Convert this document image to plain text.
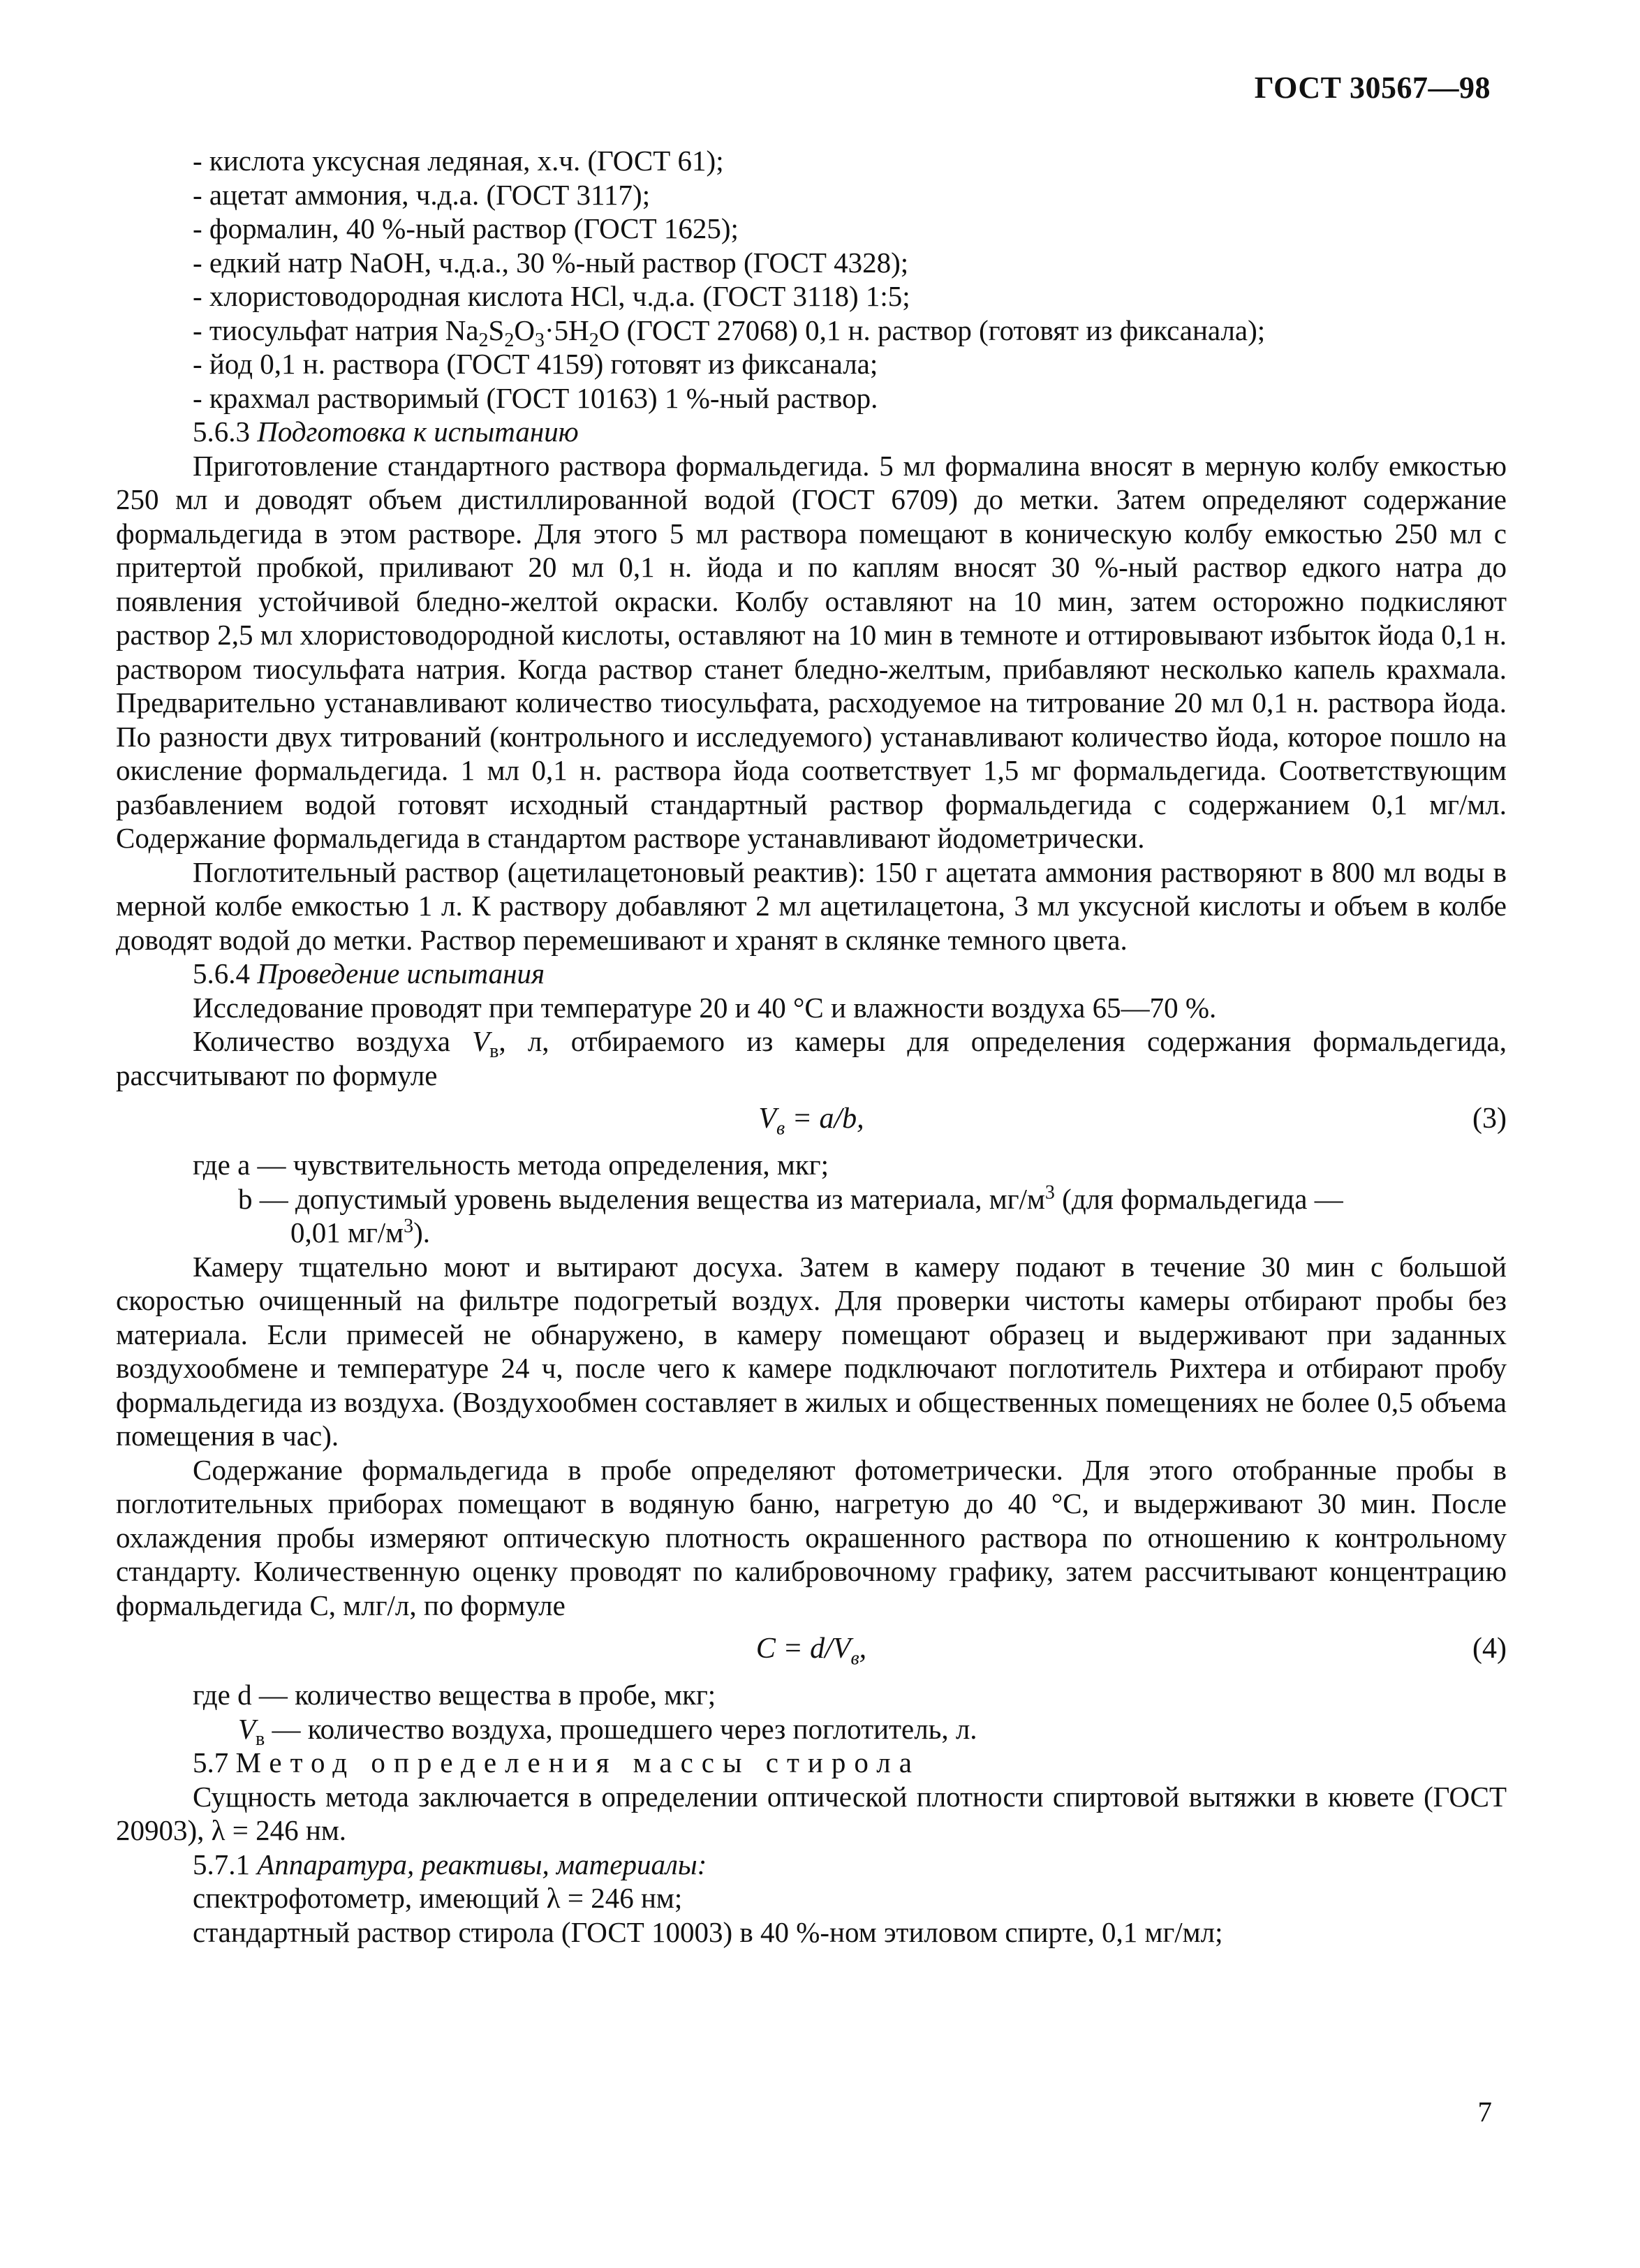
ГОСТ 30567—98
- кислота уксусная ледяная, х.ч. (ГОСТ 61);
- ацетат аммония, ч.д.а. (ГОСТ 3117);
- формалин, 40 %-ный раствор (ГОСТ 1625);
- едкий натр NaOH, ч.д.а., 30 %-ный раствор (ГОСТ 4328);
- хлористоводородная кислота HCl, ч.д.а. (ГОСТ 3118) 1:5;
- тиосульфат натрия $Na_2S_2O_3\cdot 5H_2O$ (ГОСТ 27068) 0,1 н. раствор (готовят из фиксанала);
- йод 0,1 н. раствора (ГОСТ 4159) готовят из фиксанала;
- крахмал растворимый (ГОСТ 10163) 1 %-ный раствор.
5.6.3 Подготовка к испытанию
Приготовление стандартного раствора формальдегида. 5 мл формалина вносят в мерную колбу емкостью 250 мл и доводят объем дистиллированной водой (ГОСТ 6709) до метки. Затем определяют содержание формальдегида в этом растворе. Для этого 5 мл раствора помещают в коническую колбу емкостью 250 мл с притертой пробкой, приливают 20 мл 0,1 н. йода и по каплям вносят 30 %-ный раствор едкого натра до появления устойчивой бледно-желтой окраски. Колбу оставляют на 10 мин, затем осторожно подкисляют раствор 2,5 мл хлористоводородной кислоты, оставляют на 10 мин в темноте и оттировывают избыток йода 0,1 н. раствором тиосульфата натрия. Когда раствор станет бледно-желтым, прибавляют несколько капель крахмала. Предварительно устанавливают количество тиосульфата, расходуемое на титрование 20 мл 0,1 н. раствора йода. По разности двух титрований (контрольного и исследуемого) устанавливают количество йода, которое пошло на окисление формальдегида. 1 мл 0,1 н. раствора йода соответствует 1,5 мг формальдегида. Соответствующим разбавлением водой готовят исходный стандартный раствор формальдегида с содержанием 0,1 мг/мл. Содержание формальдегида в стандартом растворе устанавливают йодометрически.
Поглотительный раствор (ацетилацетоновый реактив): 150 г ацетата аммония растворяют в 800 мл воды в мерной колбе емкостью 1 л. К раствору добавляют 2 мл ацетилацетона, 3 мл уксусной кислоты и объем в колбе доводят водой до метки. Раствор перемешивают и хранят в склянке темного цвета.
5.6.4 Проведение испытания
Исследование проводят при температуре 20 и 40 °С и влажности воздуха 65—70 %.
Количество воздуха $V_в$, л, отбираемого из камеры для определения содержания формальдегида, рассчитывают по формуле
$V_в = a/b$,	(3)
где a — чувствительность метода определения, мкг;
b — допустимый уровень выделения вещества из материала, $мг/м^3$ (для формальдегида —
0,01 $мг/м^3$).
Камеру тщательно моют и вытирают досуха. Затем в камеру подают в течение 30 мин с большой скоростью очищенный на фильтре подогретый воздух. Для проверки чистоты камеры отбирают пробы без материала. Если примесей не обнаружено, в камеру помещают образец и выдерживают при заданных воздухообмене и температуре 24 ч, после чего к камере подключают поглотитель Рихтера и отбирают пробу формальдегида из воздуха. (Воздухообмен составляет в жилых и общественных помещениях не более 0,5 объема помещения в час).
Содержание формальдегида в пробе определяют фотометрически. Для этого отобранные пробы в поглотительных приборах помещают в водяную баню, нагретую до 40 °С, и выдерживают 30 мин. После охлаждения пробы измеряют оптическую плотность окрашенного раствора по отношению к контрольному стандарту. Количественную оценку проводят по калибровочному графику, затем рассчитывают концентрацию формальдегида С, млг/л, по формуле
$C = d/V_в$,	(4)
где d — количество вещества в пробе, мкг;
$V_в$ — количество воздуха, прошедшего через поглотитель, л.
5.7 Метод определения массы стирола
Сущность метода заключается в определении оптической плотности спиртовой вытяжки в кювете (ГОСТ 20903), λ = 246 нм.
5.7.1 Аппаратура, реактивы, материалы:
спектрофотометр, имеющий λ = 246 нм;
стандартный раствор стирола (ГОСТ 10003) в 40 %-ном этиловом спирте, 0,1 мг/мл;
7
